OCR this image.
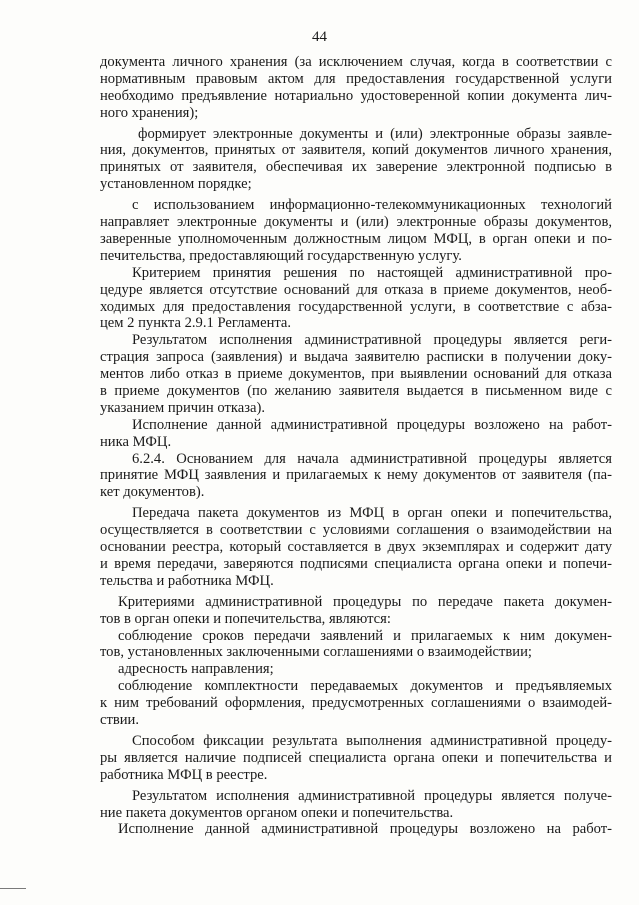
44
документа личного хранения (за исключением случая, когда в соответствии с
нормативным правовым актом для предоставления государственной услуги
необходимо предъявление нотариально удостоверенной копии документа лич-
ного хранения);
формирует электронные документы и (или) электронные образы заявле-
ния, документов, принятых от заявителя, копий документов личного хранения,
принятых от заявителя, обеспечивая их заверение электронной подписью в
установленном порядке;
с использованием информационно-телекоммуникационных технологий
направляет электронные документы и (или) электронные образы документов,
заверенные уполномоченным должностным лицом МФЦ, в орган опеки и по-
печительства, предоставляющий государственную услугу.
Критерием принятия решения по настоящей административной про-
цедуре является отсутствие оснований для отказа в приеме документов, необ-
ходимых для предоставления государственной услуги, в соответствие с абза-
цем 2 пункта 2.9.1 Регламента.
Результатом исполнения административной процедуры является реги-
страция запроса (заявления) и выдача заявителю расписки в получении доку-
ментов либо отказ в приеме документов, при выявлении оснований для отказа
в приеме документов (по желанию заявителя выдается в письменном виде с
указанием причин отказа).
Исполнение данной административной процедуры возложено на работ-
ника МФЦ.
6.2.4. Основанием для начала административной процедуры является
принятие МФЦ заявления и прилагаемых к нему документов от заявителя (па-
кет документов).
Передача пакета документов из МФЦ в орган опеки и попечительства,
осуществляется в соответствии с условиями соглашения о взаимодействии на
основании реестра, который составляется в двух экземплярах и содержит дату
и время передачи, заверяются подписями специалиста органа опеки и попечи-
тельства и работника МФЦ.
Критериями административной процедуры по передаче пакета докумен-
тов в орган опеки и попечительства, являются:
соблюдение сроков передачи заявлений и прилагаемых к ним докумен-
тов, установленных заключенными соглашениями о взаимодействии;
адресность направления;
соблюдение комплектности передаваемых документов и предъявляемых
к ним требований оформления, предусмотренных соглашениями о взаимодей-
ствии.
Способом фиксации результата выполнения административной процеду-
ры является наличие подписей специалиста органа опеки и попечительства и
работника МФЦ в реестре.
Результатом исполнения административной процедуры является получе-
ние пакета документов органом опеки и попечительства.
Исполнение данной административной процедуры возложено на работ-
